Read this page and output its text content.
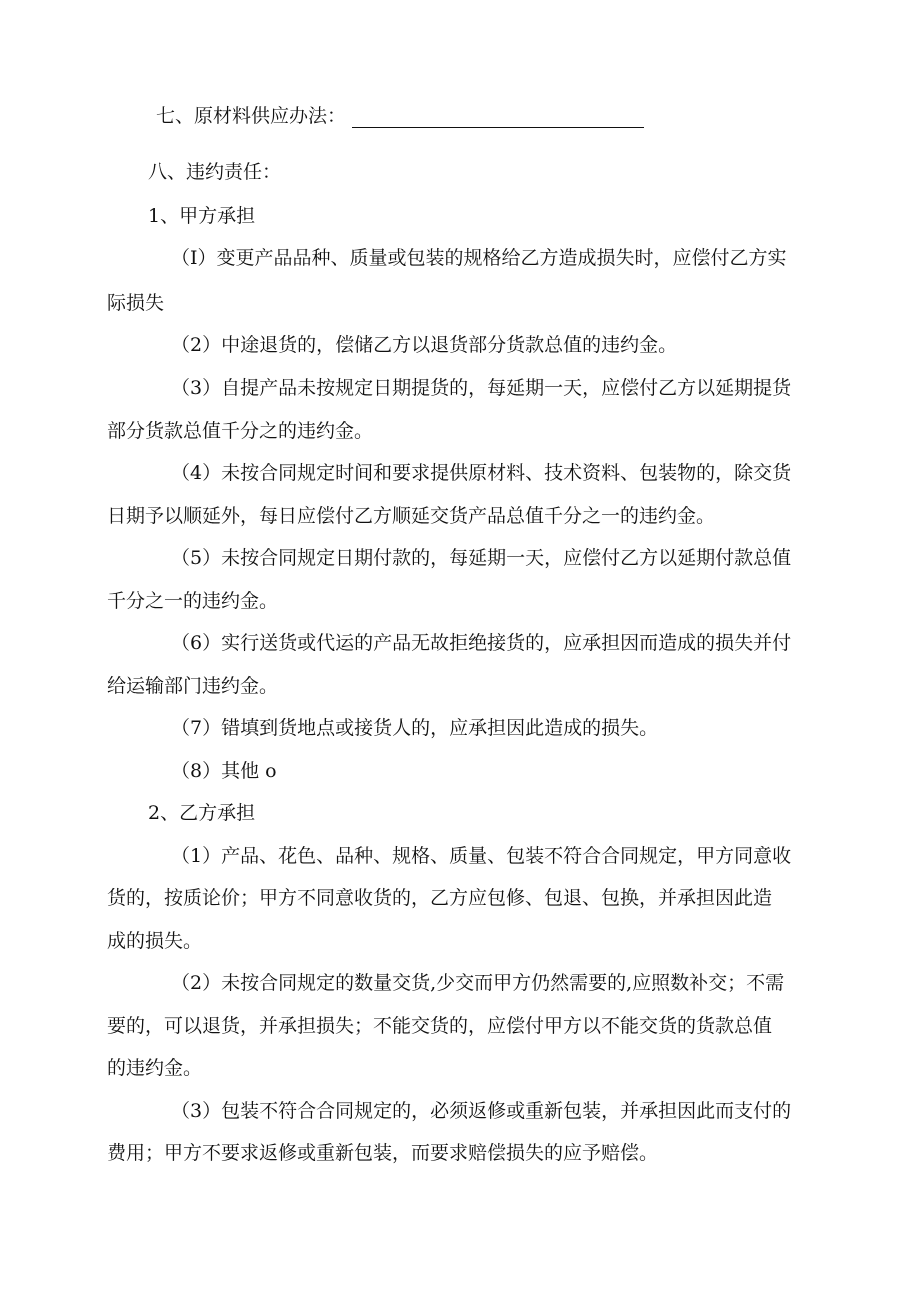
七、原材料供应办法：
八、违约责任：
1、甲方承担
（I）变更产品品种、质量或包装的规格给乙方造成损失时，应偿付乙方实
际损失
（2）中途退货的，偿储乙方以退货部分货款总值的违约金。
（3）自提产品未按规定日期提货的，每延期一天，应偿付乙方以延期提货
部分货款总值千分之的违约金。
（4）未按合同规定时间和要求提供原材料、技术资料、包装物的，除交货
日期予以顺延外，每日应偿付乙方顺延交货产品总值千分之一的违约金。
（5）未按合同规定日期付款的，每延期一天，应偿付乙方以延期付款总值
千分之一的违约金。
（6）实行送货或代运的产品无故拒绝接货的，应承担因而造成的损失并付
给运输部门违约金。
（7）错填到货地点或接货人的，应承担因此造成的损失。
（8）其他 o
2、乙方承担
（1）产品、花色、品种、规格、质量、包装不符合合同规定，甲方同意收
货的，按质论价；甲方不同意收货的，乙方应包修、包退、包换，并承担因此造
成的损失。
（2）未按合同规定的数量交货,少交而甲方仍然需要的,应照数补交；不需
要的，可以退货，并承担损失；不能交货的，应偿付甲方以不能交货的货款总值
的违约金。
（3）包装不符合合同规定的，必须返修或重新包装，并承担因此而支付的
费用；甲方不要求返修或重新包装，而要求赔偿损失的应予赔偿。
